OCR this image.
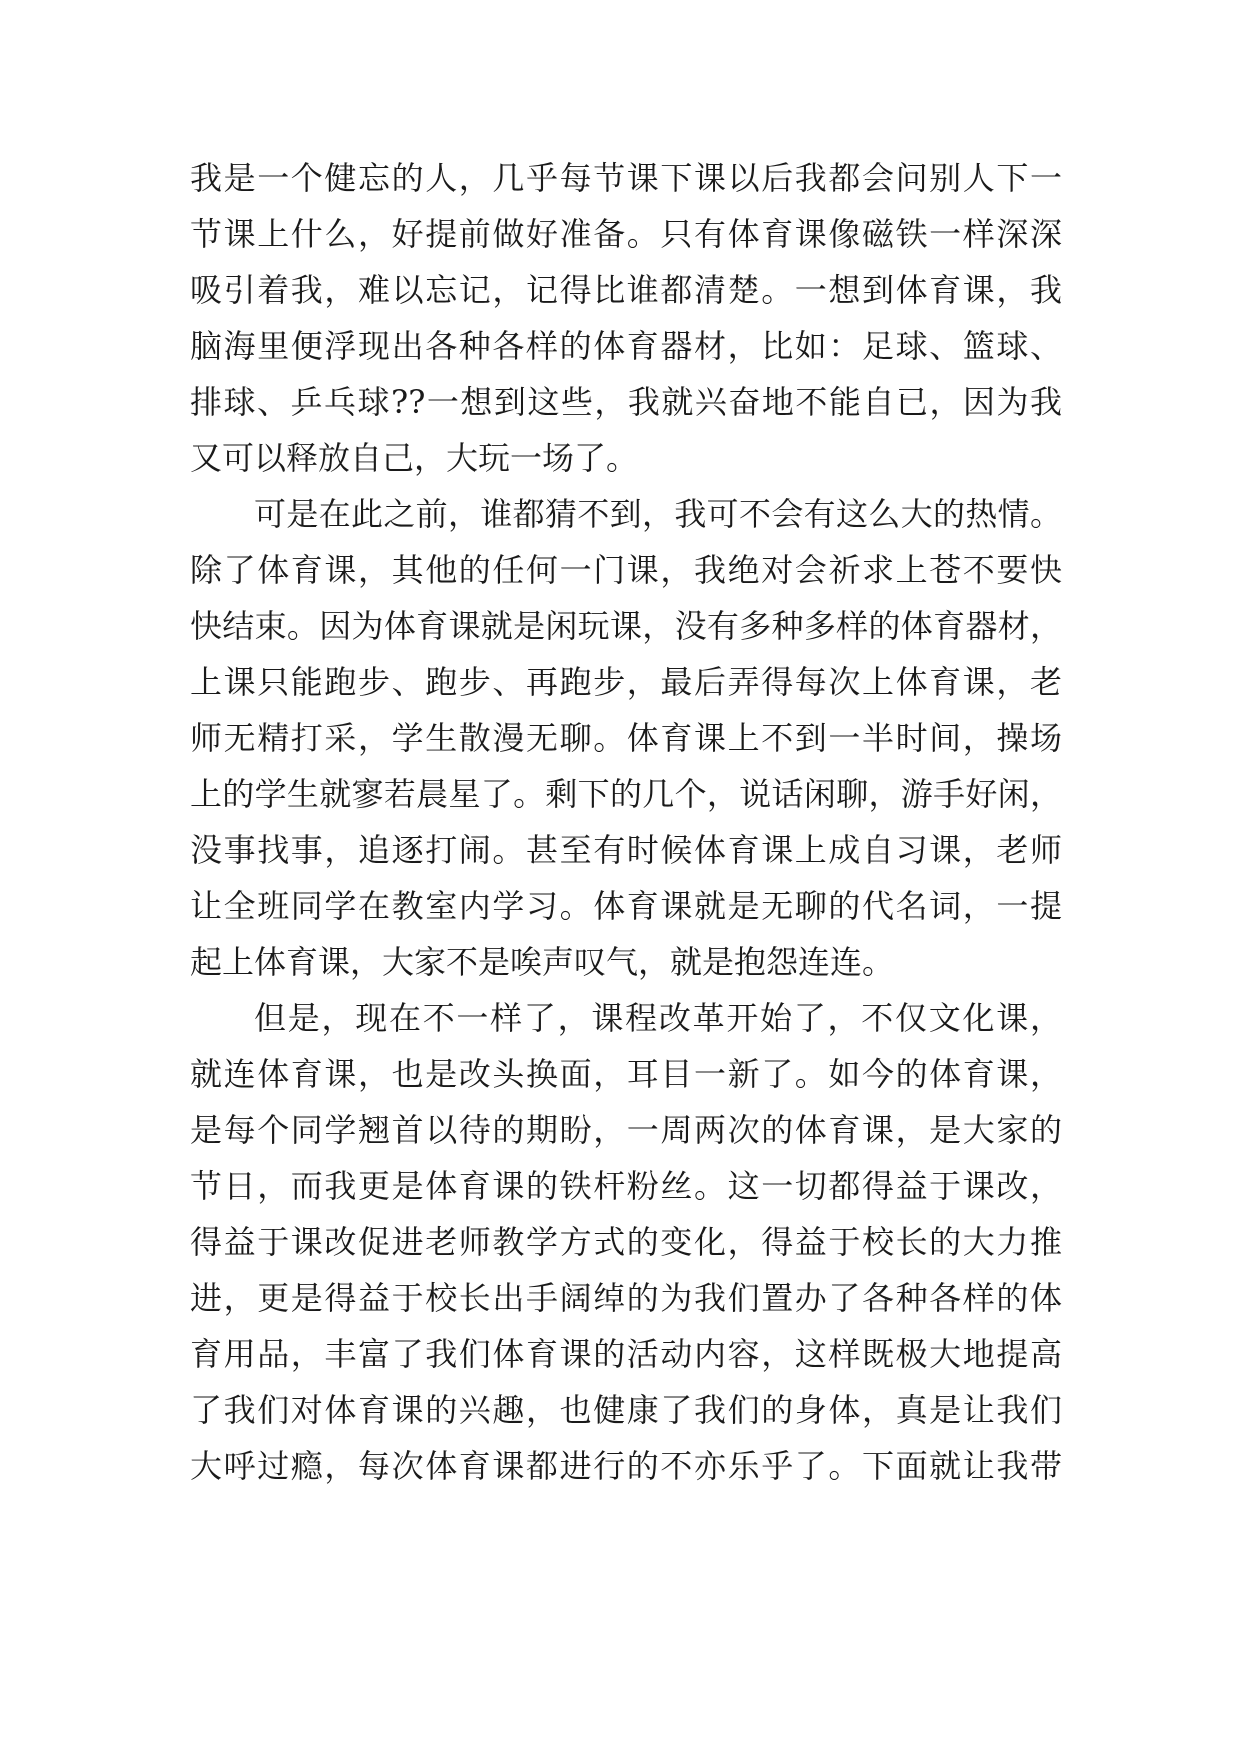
我是一个健忘的人，几乎每节课下课以后我都会问别人下一
节课上什么，好提前做好准备。只有体育课像磁铁一样深深
吸引着我，难以忘记，记得比谁都清楚。一想到体育课，我
脑海里便浮现出各种各样的体育器材，比如：足球、篮球、
排球、乒乓球??一想到这些，我就兴奋地不能自已，因为我
又可以释放自己，大玩一场了。
可是在此之前，谁都猜不到，我可不会有这么大的热情。
除了体育课，其他的任何一门课，我绝对会祈求上苍不要快
快结束。因为体育课就是闲玩课，没有多种多样的体育器材，
上课只能跑步、跑步、再跑步，最后弄得每次上体育课，老
师无精打采，学生散漫无聊。体育课上不到一半时间，操场
上的学生就寥若晨星了。剩下的几个，说话闲聊，游手好闲，
没事找事，追逐打闹。甚至有时候体育课上成自习课，老师
让全班同学在教室内学习。体育课就是无聊的代名词，一提
起上体育课，大家不是唉声叹气，就是抱怨连连。
但是，现在不一样了，课程改革开始了，不仅文化课，
就连体育课，也是改头换面，耳目一新了。如今的体育课，
是每个同学翘首以待的期盼，一周两次的体育课，是大家的
节日，而我更是体育课的铁杆粉丝。这一切都得益于课改，
得益于课改促进老师教学方式的变化，得益于校长的大力推
进，更是得益于校长出手阔绰的为我们置办了各种各样的体
育用品，丰富了我们体育课的活动内容，这样既极大地提高
了我们对体育课的兴趣，也健康了我们的身体，真是让我们
大呼过瘾，每次体育课都进行的不亦乐乎了。下面就让我带
